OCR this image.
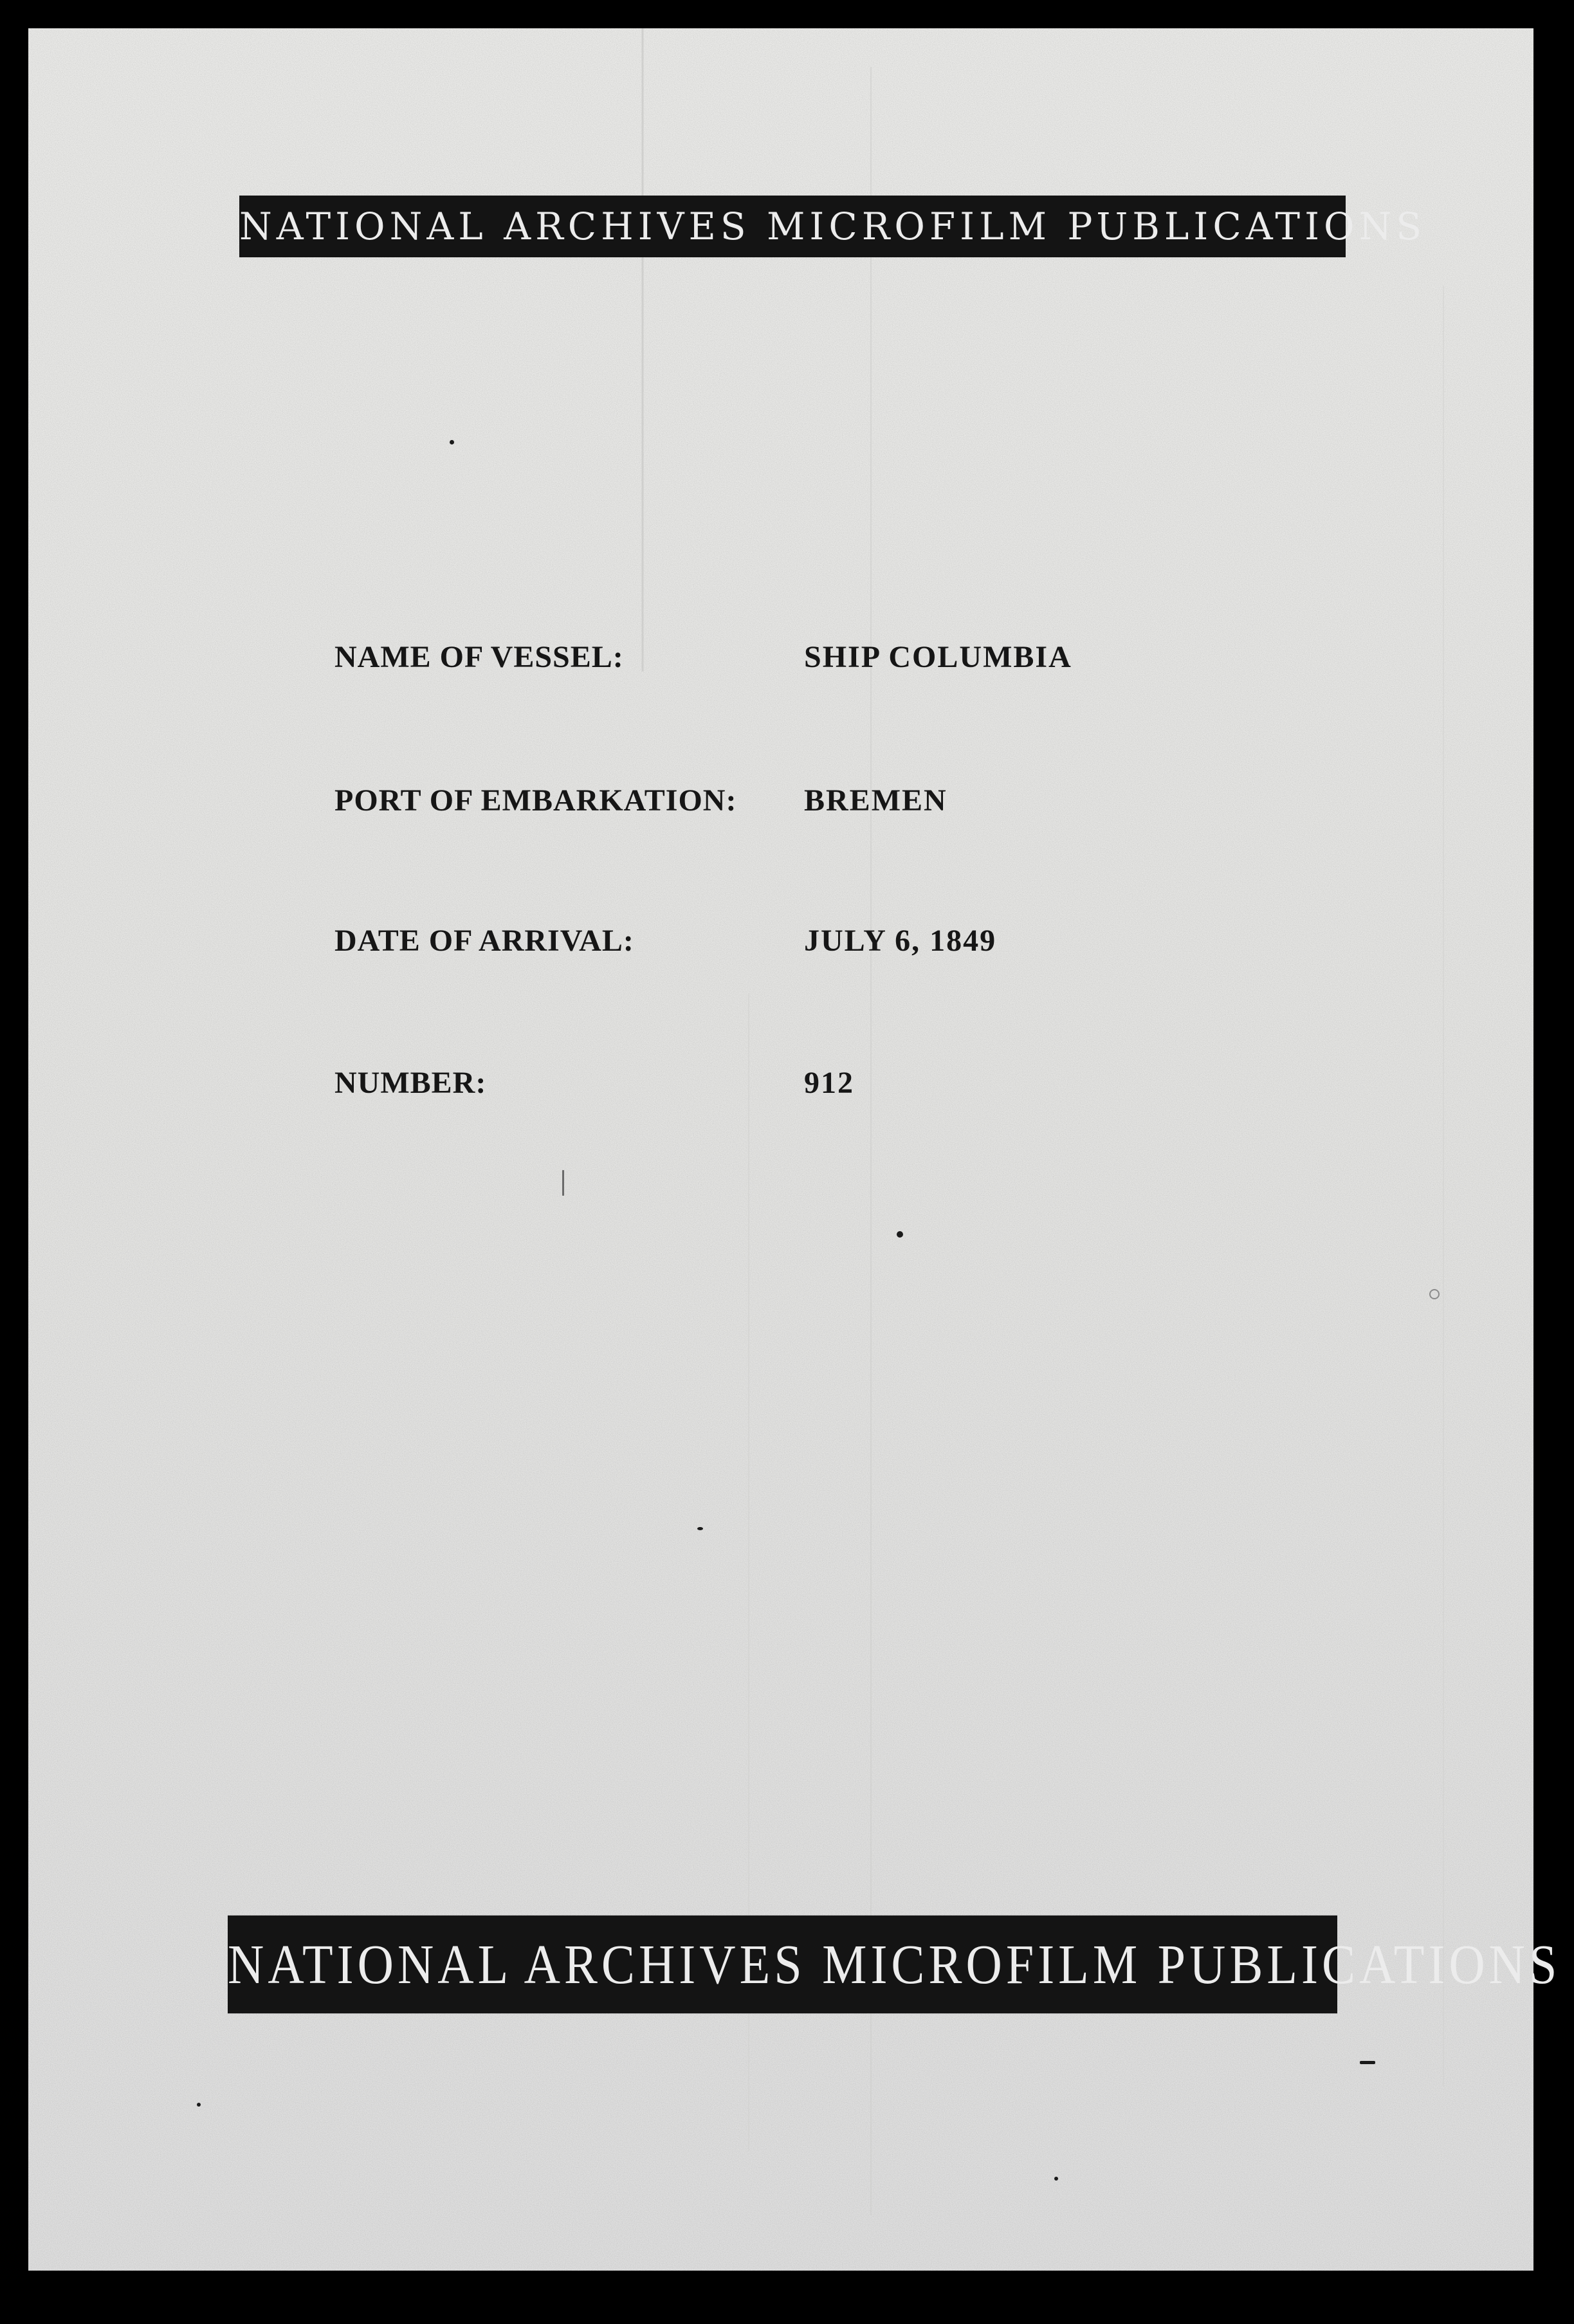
NATIONAL ARCHIVES MICROFILM PUBLICATIONS
NAME OF VESSEL:	SHIP COLUMBIA
PORT OF EMBARKATION: BREMEN
DATE OF ARRIVAL:	JULY 6, 1849
NUMBER:	912
NATIONAL ARCHIVES MICROFILM PUBLICATIONS
